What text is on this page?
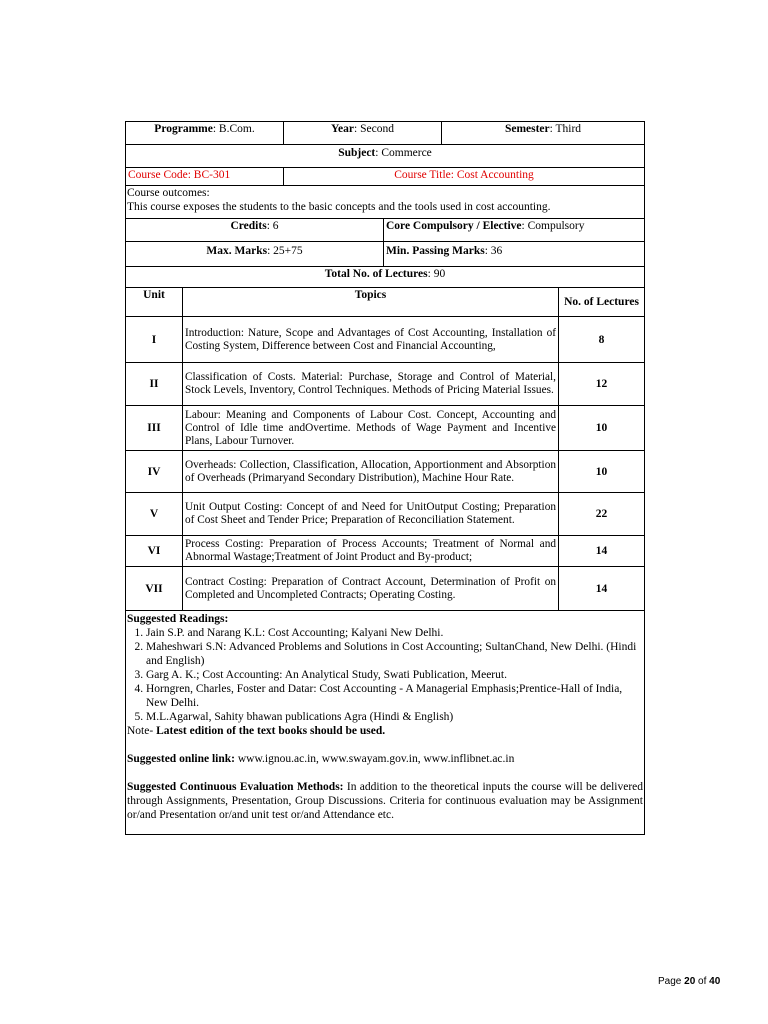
Programme: B.Com.	Year: Second	Semester: Third
Subject: Commerce
Course Code: BC-301	Course Title: Cost Accounting
Course outcomes:
This course exposes the students to the basic concepts and the tools used in cost accounting.
Credits: 6	Core Compulsory / Elective: Compulsory
Max. Marks: 25+75	Min. Passing Marks: 36
Total No. of Lectures: 90
Unit	Topics	No. of Lectures
I	Introduction: Nature, Scope and Advantages of Cost Accounting, Installation of Costing System, Difference between Cost and Financial Accounting,	8
II	Classification of Costs. Material: Purchase, Storage and Control of Material, Stock Levels, Inventory, Control Techniques. Methods of Pricing Material Issues.	12
III	Labour: Meaning and Components of Labour Cost. Concept, Accounting and Control of Idle time andOvertime. Methods of Wage Payment and Incentive Plans, Labour Turnover.	10
IV	Overheads: Collection, Classification, Allocation, Apportionment and Absorption of Overheads (Primaryand Secondary Distribution), Machine Hour Rate.	10
V	Unit Output Costing: Concept of and Need for UnitOutput Costing; Preparation of Cost Sheet and Tender Price; Preparation of Reconciliation Statement.	22
VI	Process Costing: Preparation of Process Accounts; Treatment of Normal and Abnormal Wastage;Treatment of Joint Product and By-product;	14
VII	Contract Costing: Preparation of Contract Account, Determination of Profit on Completed and Uncompleted Contracts; Operating Costing.	14
Suggested Readings:
1. Jain S.P. and Narang K.L: Cost Accounting; Kalyani New Delhi.
2. Maheshwari S.N: Advanced Problems and Solutions in Cost Accounting; SultanChand, New Delhi. (Hindi and English)
3. Garg A. K.; Cost Accounting: An Analytical Study, Swati Publication, Meerut.
4. Horngren, Charles, Foster and Datar: Cost Accounting - A Managerial Emphasis;Prentice-Hall of India, New Delhi.
5. M.L.Agarwal, Sahity bhawan publications Agra (Hindi & English)
Note- Latest edition of the text books should be used.
Suggested online link: www.ignou.ac.in, www.swayam.gov.in, www.inflibnet.ac.in
Suggested Continuous Evaluation Methods: In addition to the theoretical inputs the course will be delivered through Assignments, Presentation, Group Discussions. Criteria for continuous evaluation may be Assignment or/and Presentation or/and unit test or/and Attendance etc.
Page 20 of 40
